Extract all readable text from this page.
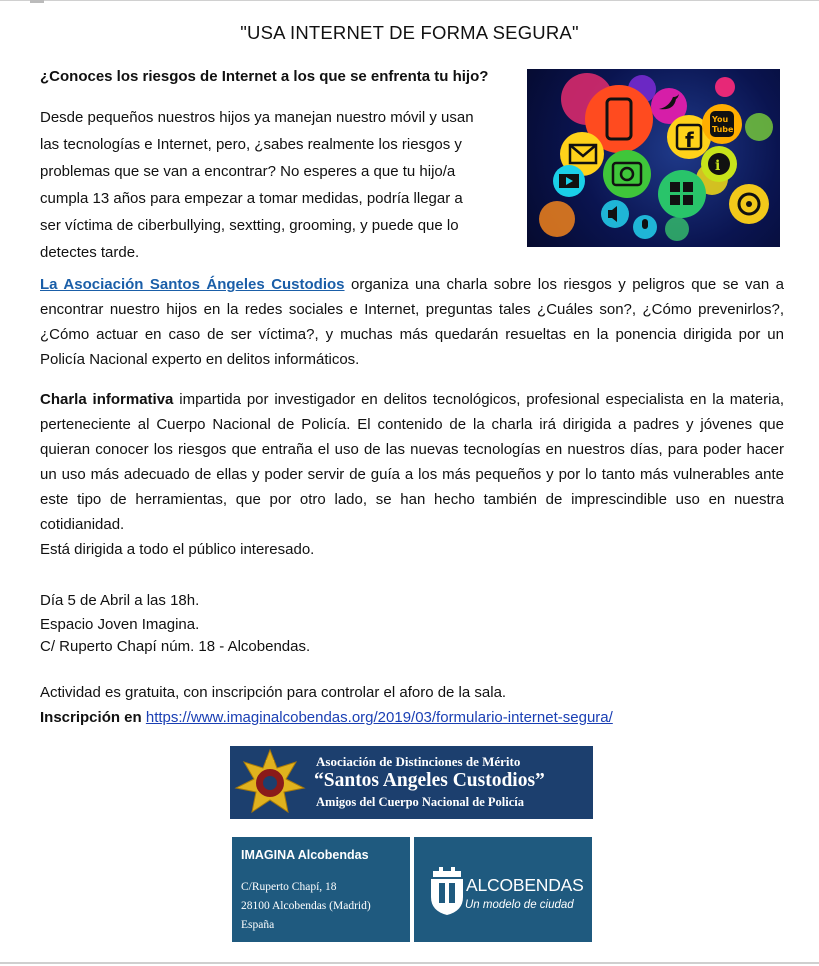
"USA INTERNET DE FORMA SEGURA"
¿Conoces los riesgos de Internet a los que se enfrenta tu hijo?
Desde pequeños nuestros hijos ya manejan nuestro móvil y usan
las tecnologías e Internet, pero, ¿sabes realmente los riesgos y
problemas que se van a encontrar? No esperes a que tu hijo/a
cumpla 13 años para empezar a tomar medidas, podría llegar a
ser víctima de ciberbullying, sextting, grooming, y puede que lo
detectes tarde.
f
You
Tube
i
La Asociación Santos Ángeles Custodios organiza una charla sobre los riesgos y peligros que se van a encontrar nuestro hijos en la redes sociales e Internet, preguntas tales ¿Cuáles son?, ¿Cómo prevenirlos?, ¿Cómo actuar en caso de ser víctima?, y muchas más quedarán resueltas en la ponencia dirigida por un Policía Nacional experto en delitos informáticos.
Charla informativa impartida por investigador en delitos tecnológicos, profesional especialista en la materia, perteneciente al Cuerpo Nacional de Policía. El contenido de la charla irá dirigida a padres y jóvenes que quieran conocer los riesgos que entraña el uso de las nuevas tecnologías en nuestros días, para poder hacer un uso más adecuado de ellas y poder servir de guía a los más pequeños y por lo tanto más vulnerables ante este tipo de herramientas, que por otro lado, se han hecho también de imprescindible uso en nuestra cotidianidad.
Está dirigida a todo el público interesado.
Día 5 de Abril a las 18h.
Espacio Joven Imagina.
C/ Ruperto Chapí núm. 18 - Alcobendas.
Actividad es gratuita, con inscripción para controlar el aforo de la sala.
Inscripción en https://www.imaginalcobendas.org/2019/03/formulario-internet-segura/
Asociación de Distinciones de Mérito
“Santos Angeles Custodios”
Amigos del Cuerpo Nacional de Policía
IMAGINA Alcobendas
C/Ruperto Chapí, 18
28100 Alcobendas (Madrid)
España
ALCOBENDAS
Un modelo de ciudad
